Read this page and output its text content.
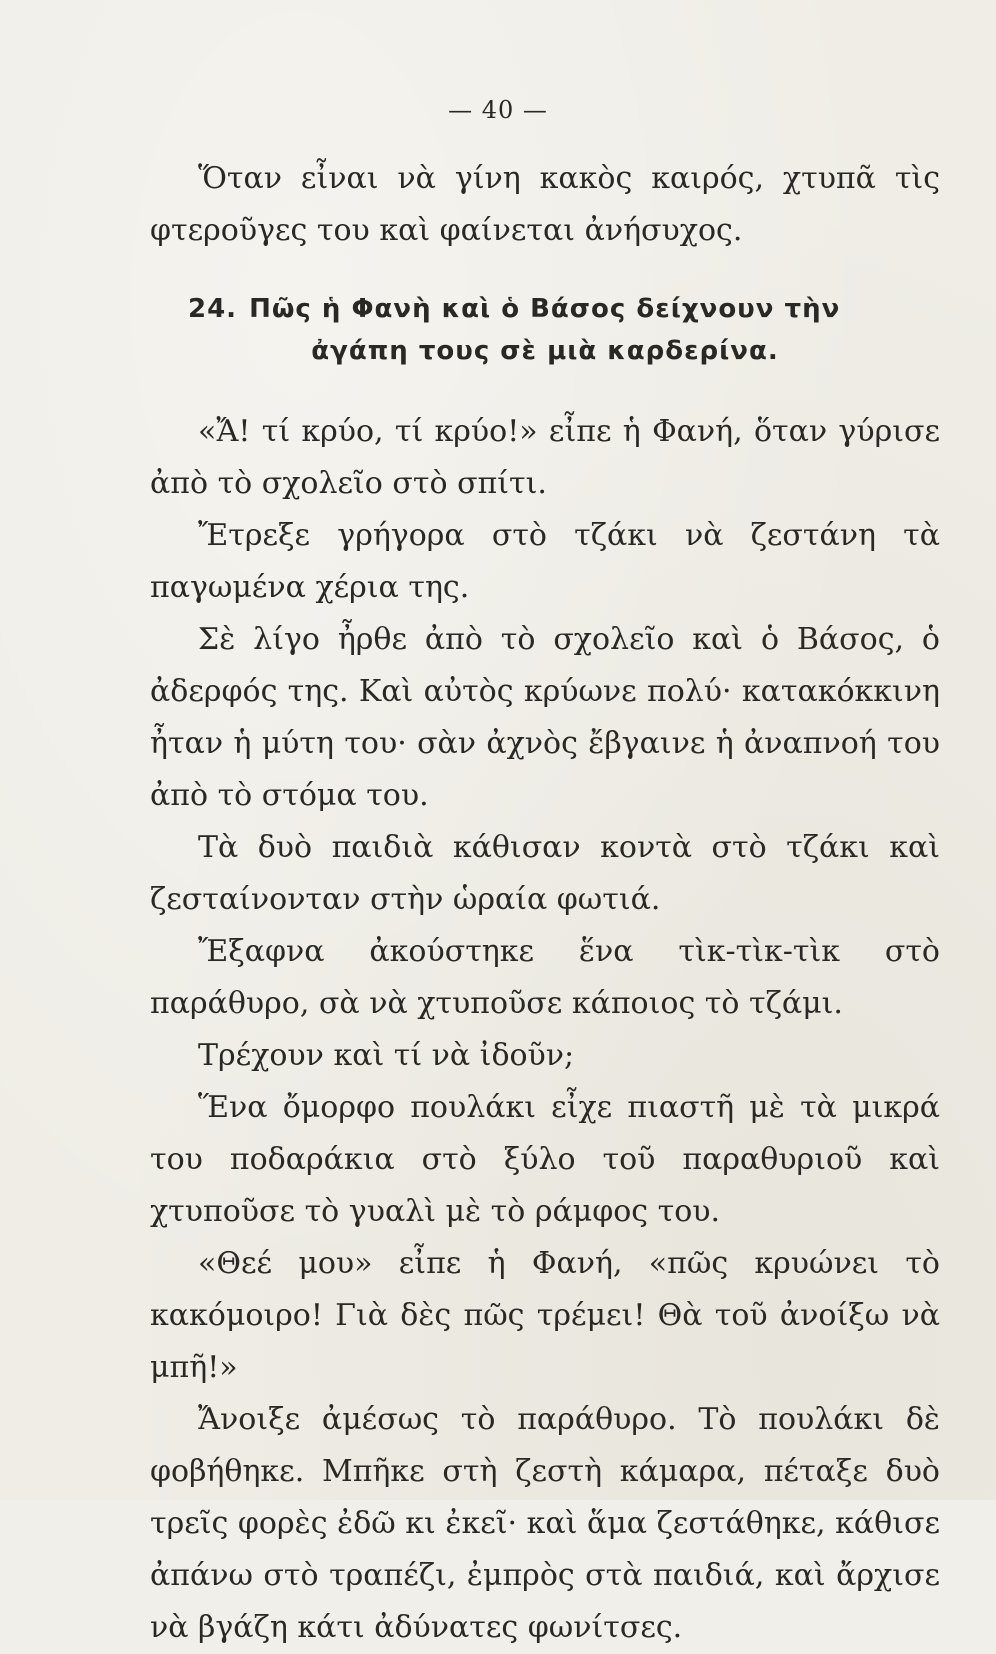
— 40 —

Ὅταν εἶναι νὰ γίνη κακὸς καιρός, χτυπᾶ τὶς φτεροῦγες του καὶ φαίνεται ἀνήσυχος.

24. Πῶς ἡ Φανὴ καὶ ὁ Βάσος δείχνουν τὴν
ἀγάπη τους σὲ μιὰ καρδερίνα.

«Ἄ! τί κρύο, τί κρύο!» εἶπε ἡ Φανή, ὅταν γύρισε ἀπὸ τὸ σχολεῖο στὸ σπίτι.

Ἔτρεξε γρήγορα στὸ τζάκι νὰ ζεστάνη τὰ παγωμένα χέρια της.

Σὲ λίγο ἦρθε ἀπὸ τὸ σχολεῖο καὶ ὁ Βάσος, ὁ ἀδερφός της. Καὶ αὐτὸς κρύωνε πολύ· κατακόκκινη ἦταν ἡ μύτη του· σὰν ἀχνὸς ἔβγαινε ἡ ἀναπνοή του ἀπὸ τὸ στόμα του.

Τὰ δυὸ παιδιὰ κάθισαν κοντὰ στὸ τζάκι καὶ ζεσταίνονταν στὴν ὡραία φωτιά.

Ἔξαφνα ἀκούστηκε ἕνα τὶκ-τὶκ-τὶκ στὸ παράθυρο, σὰ νὰ χτυποῦσε κάποιος τὸ τζάμι.

Τρέχουν καὶ τί νὰ ἰδοῦν;

Ἕνα ὄμορφο πουλάκι εἶχε πιαστῆ μὲ τὰ μικρά του ποδαράκια στὸ ξύλο τοῦ παραθυριοῦ καὶ χτυποῦσε τὸ γυαλὶ μὲ τὸ ράμφος του.

«Θεέ μου» εἶπε ἡ Φανή, «πῶς κρυώνει τὸ κακόμοιρο! Γιὰ δὲς πῶς τρέμει! Θὰ τοῦ ἀνοίξω νὰ μπῆ!»

Ἄνοιξε ἀμέσως τὸ παράθυρο. Τὸ πουλάκι δὲ φοβήθηκε. Μπῆκε στὴ ζεστὴ κάμαρα, πέταξε δυὸ τρεῖς φορὲς ἐδῶ κι ἐκεῖ· καὶ ἅμα ζεστάθηκε, κάθισε ἀπάνω στὸ τραπέζι, ἐμπρὸς στὰ παιδιά, καὶ ἄρχισε νὰ βγάζη κάτι ἀδύνατες φωνίτσες.
